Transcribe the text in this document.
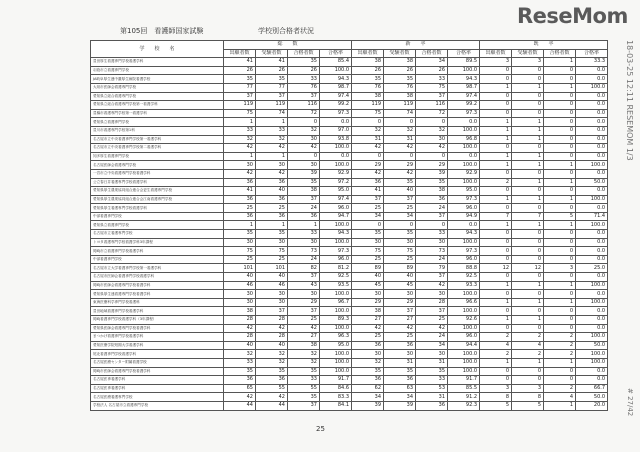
第105回　看護師国家試験	学校別合格者状況
ReseMom
学　　校　　名	総　　数				新　　卒				既　　卒			
	出願者数	受験者数	合格者数	合格率	出願者数	受験者数	合格者数	合格率	出願者数	受験者数	合格者数	合格率
豊田厚生看護専門学校看護学科	41	41	35	85.4	38	38	34	89.5	3	3	1	33.3
羽島市立看護専門学校	26	26	26	100.0	26	26	26	100.0	0	0	0	0.0
JA岐阜厚生連中濃厚生病院看護学校	35	35	33	94.3	35	35	33	94.3	0	0	0	0.0
大垣市医師会看護専門学校	77	77	76	98.7	76	76	75	98.7	1	1	1	100.0
愛知県立総合看護専門学校	37	37	37	97.4	38	38	37	97.4	0	0	0	0.0
愛知県立総合看護専門学校第一看護学科	119	119	116	99.2	119	119	116	99.2	0	0	0	0.0
豊橋市看護専門学校第一看護学科	75	74	72	97.3	75	74	72	97.3	0	0	0	0.0
愛知県立看護専門学校	1	1	0	0.0	0	0	0	0.0	1	1	0	0.0
豊川市看護専門学校第1科	33	33	32	97.0	32	32	32	100.0	1	1	0	0.0
名古屋市立中央看護専門学校第一看護学科	32	32	30	93.8	31	31	30	96.8	1	1	0	0.0
名古屋市立中央看護専門学校第二看護学科	42	42	42	100.0	42	42	42	100.0	0	0	0	0.0
知多厚生看護専門学校	1	1	0	0.0	0	0	0	0.0	1	1	0	0.0
名古屋医師会看護専門学校	30	30	30	100.0	29	29	29	100.0	1	1	1	100.0
一宮市立中央看護専門学校看護学科	42	42	39	92.9	42	42	39	92.9	0	0	0	0.0
公立春日井看護専門学校看護学科	36	36	35	97.2	36	35	35	100.0	2	1	1	50.0
愛知県厚生農業協同組合連合会更生看護専門学校	41	40	38	95.0	41	40	38	95.0	0	0	0	0.0
愛知県厚生農業協同組合連合会江南看護専門学校	36	36	37	97.4	37	37	36	97.3	1	1	1	100.0
愛知県厚生看護専門学校看護学科	25	25	24	96.0	25	25	24	96.0	0	0	0	0.0
中部看護専門学校	36	36	36	94.7	34	34	37	94.9	7	7	5	71.4
愛知県立看護専門学校	1	1	1	100.0	0	0	0	0.0	1	1	1	100.0
名古屋市立看護専門学校	35	35	33	94.3	35	35	33	94.3	0	0	0	0.0
トヨタ看護専門学校看護学科3年課程	30	30	30	100.0	30	30	30	100.0	0	0	0	0.0
岡崎市立看護専門学校看護学科	75	75	73	97.3	75	75	73	97.3	0	0	0	0.0
中部看護専門学校	25	25	24	96.0	25	25	24	96.0	0	0	0	0.0
名古屋市立大学看護専門学校第一看護学科	101	101	82	81.2	89	89	79	88.8	12	12	3	25.0
名古屋市医師会看護専門学校看護学科	40	40	37	92.5	40	40	37	92.5	0	0	0	0.0
岡崎市医師会看護専門学校看護学科	46	46	43	93.5	45	45	42	93.3	1	1	1	100.0
愛知県厚生連看護専門学校看護学科	30	30	30	100.0	30	30	30	100.0	0	0	0	0.0
東海医療科学専門学校看護科	30	30	29	96.7	29	29	28	96.6	1	1	1	100.0
豊田地域看護専門学校看護学科	38	37	37	100.0	38	37	37	100.0	0	0	0	0.0
岡崎看護専門学校看護学科（3年課程）	28	28	25	89.3	27	27	25	92.6	1	1	0	0.0
愛知県医師会看護専門学校看護学科	42	42	42	100.0	42	42	42	100.0	0	0	0	0.0
まつかげ看護専門学校看護学科	28	28	27	96.3	25	25	24	96.0	2	2	2	100.0
愛知医療学院短期大学看護学科	40	40	38	95.0	36	36	34	94.4	4	4	2	50.0
尾北看護専門学校看護学科	32	32	32	100.0	30	30	30	100.0	2	2	2	100.0
名古屋医療センター附属看護学校	33	32	32	100.0	32	31	31	100.0	1	1	1	100.0
岡崎市医師会看護専門学校看護学科	35	35	35	100.0	35	35	35	100.0	0	0	0	0.0
名古屋医専看護学科	36	36	33	91.7	36	36	33	91.7	0	0	0	0.0
名古屋医専看護学科	65	55	55	84.6	62	63	53	85.5	3	3	2	66.7
名古屋医療看護専門学校	42	42	35	83.3	34	34	31	91.2	8	8	4	50.0
学校法人 名古屋市立看護専門学校	44	44	37	84.1	39	39	36	92.3	5	5	1	20.0
25
18-03-25 12:11 RESEMOM 1/3
# 27/42
